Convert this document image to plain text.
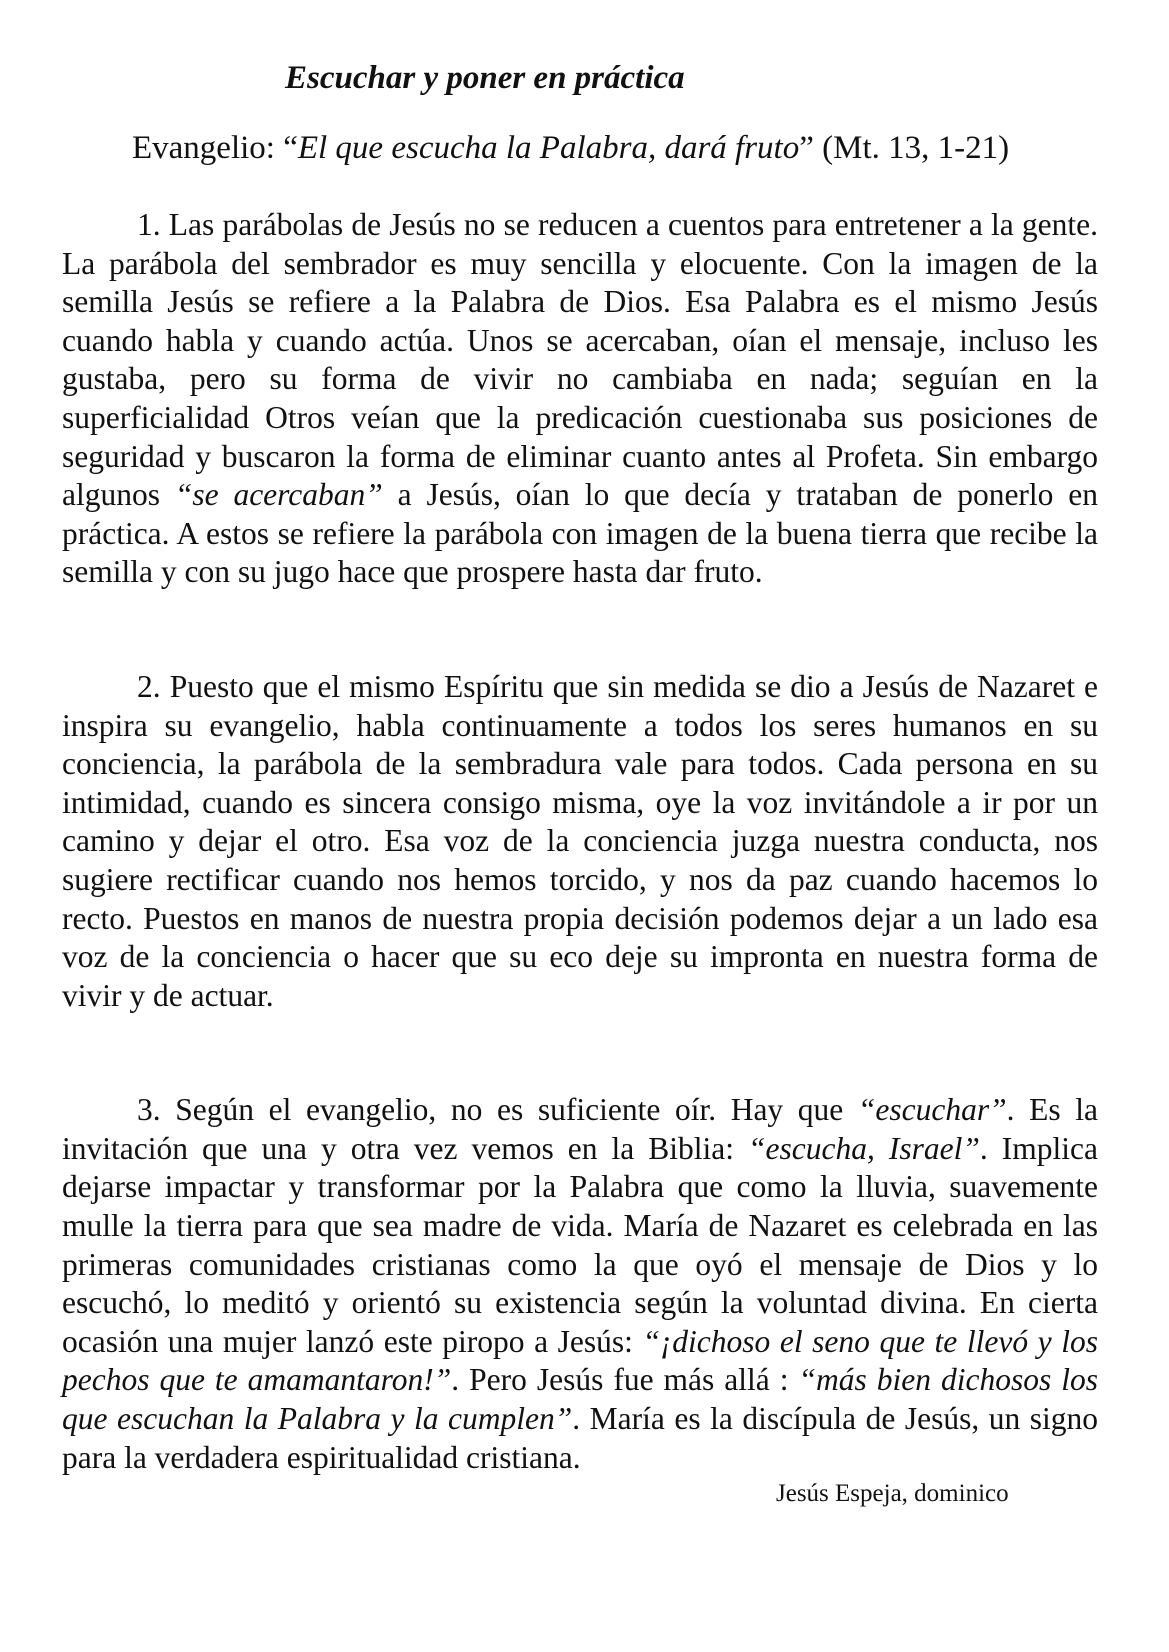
Escuchar y poner en práctica
Evangelio: “El que escucha la Palabra, dará fruto” (Mt. 13, 1-21)

1. Las parábolas de Jesús no se reducen a cuentos para entretener a la gente. La parábola del sembrador es muy sencilla y elocuente. Con la imagen de la semilla Jesús se refiere a la Palabra de Dios. Esa Palabra es el mismo Jesús cuando habla y cuando actúa. Unos se acercaban, oían el mensaje, incluso les gustaba, pero su forma de vivir no cambiaba en nada; seguían en la superficialidad Otros veían que la predicación cuestionaba sus posiciones de seguridad y buscaron la forma de eliminar cuanto antes al Profeta. Sin embargo algunos “se acercaban” a Jesús, oían lo que decía y trataban de ponerlo en práctica. A estos se refiere la parábola con imagen de la buena tierra que recibe la semilla y con su jugo hace que prospere hasta dar fruto.

2. Puesto que el mismo Espíritu que sin medida se dio a Jesús de Nazaret e inspira su evangelio, habla continuamente a todos los seres humanos en su conciencia, la parábola de la sembradura vale para todos. Cada persona en su intimidad, cuando es sincera consigo misma, oye la voz invitándole a ir por un camino y dejar el otro. Esa voz de la conciencia juzga nuestra conducta, nos sugiere rectificar cuando nos hemos torcido, y nos da paz cuando hacemos lo recto. Puestos en manos de nuestra propia decisión podemos dejar a un lado esa voz de la conciencia o hacer que su eco deje su impronta en nuestra forma de vivir y de actuar.

3. Según el evangelio, no es suficiente oír. Hay que “escuchar”. Es la invitación que una y otra vez vemos en la Biblia: “escucha, Israel”. Implica dejarse impactar y transformar por la Palabra que como la lluvia, suavemente mulle la tierra para que sea madre de vida. María de Nazaret es celebrada en las primeras comunidades cristianas como la que oyó el mensaje de Dios y lo escuchó, lo meditó y orientó su existencia según la voluntad divina. En cierta ocasión una mujer lanzó este piropo a Jesús: “¡dichoso el seno que te llevó y los pechos que te amamantaron!”. Pero Jesús fue más allá : “más bien dichosos los que escuchan la Palabra y la cumplen”. María es la discípula de Jesús, un signo para la verdadera espiritualidad cristiana.

Jesús Espeja, dominico
